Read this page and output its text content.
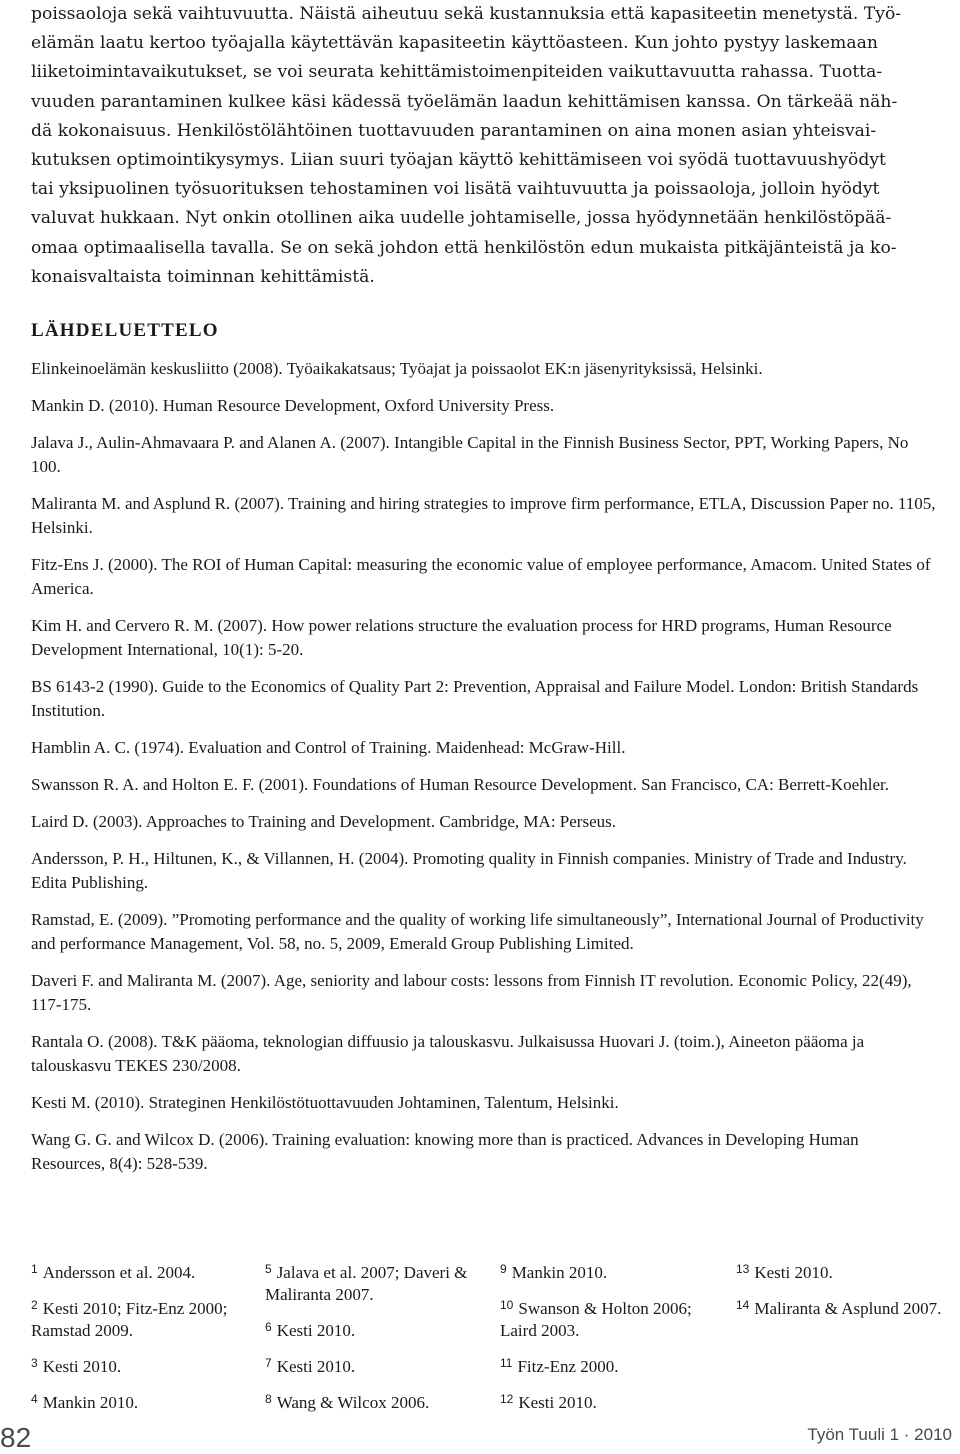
poissaoloja sekä vaihtuvuutta. Näistä aiheutuu sekä kustannuksia että kapasiteetin menetystä. Työ-
elämän laatu kertoo työajalla käytettävän kapasiteetin käyttöasteen. Kun johto pystyy laskemaan
liiketoimintavaikutukset, se voi seurata kehittämistoimenpiteiden vaikuttavuutta rahassa. Tuotta-
vuuden parantaminen kulkee käsi kädessä työelämän laadun kehittämisen kanssa. On tärkeää näh-
dä kokonaisuus. Henkilöstölähtöinen tuottavuuden parantaminen on aina monen asian yhteisvai-
kutuksen optimointikysymys. Liian suuri työajan käyttö kehittämiseen voi syödä tuottavuushyödyt
tai yksipuolinen työsuorituksen tehostaminen voi lisätä vaihtuvuutta ja poissaoloja, jolloin hyödyt
valuvat hukkaan. Nyt onkin otollinen aika uudelle johtamiselle, jossa hyödynnetään henkilöstöpää-
omaa optimaalisella tavalla. Se on sekä johdon että henkilöstön edun mukaista pitkäjänteistä ja ko-
konaisvaltaista toiminnan kehittämistä.

LÄHDELUETTELO
Elinkeinoelämän keskusliitto (2008). Työaikakatsaus; Työajat ja poissaolot EK:n jäsenyrityksissä, Helsinki.
Mankin D. (2010). Human Resource Development, Oxford University Press.
Jalava J., Aulin-Ahmavaara P. and Alanen A. (2007). Intangible Capital in the Finnish Business Sector, PPT, Working Papers, No 100.
Maliranta M. and Asplund R. (2007). Training and hiring strategies to improve firm performance, ETLA, Discussion Paper no. 1105, Helsinki.
Fitz-Ens J. (2000). The ROI of Human Capital: measuring the economic value of employee performance, Amacom. United States of America.
Kim H. and Cervero R. M. (2007). How power relations structure the evaluation process for HRD programs, Human Resource Development International, 10(1): 5-20.
BS 6143-2 (1990). Guide to the Economics of Quality Part 2: Prevention, Appraisal and Failure Model. London: British Standards Institution.
Hamblin A. C. (1974). Evaluation and Control of Training. Maidenhead: McGraw-Hill.
Swansson R. A. and Holton E. F. (2001). Foundations of Human Resource Development. San Francisco, CA: Berrett-Koehler.
Laird D. (2003). Approaches to Training and Development. Cambridge, MA: Perseus.
Andersson, P. H., Hiltunen, K., & Villannen, H. (2004). Promoting quality in Finnish companies. Ministry of Trade and Industry. Edita Publishing.
Ramstad, E. (2009). ”Promoting performance and the quality of working life simultaneously”, International Journal of Productivity and performance Management, Vol. 58, no. 5, 2009, Emerald Group Publishing Limited.
Daveri F. and Maliranta M. (2007). Age, seniority and labour costs: lessons from Finnish IT revolution. Economic Policy, 22(49), 117-175.
Rantala O. (2008). T&K pääoma, teknologian diffuusio ja talouskasvu. Julkaisussa Huovari J. (toim.), Aineeton pääoma ja talouskasvu TEKES 230/2008.
Kesti M. (2010). Strateginen Henkilöstötuottavuuden Johtaminen, Talentum, Helsinki.
Wang G. G. and Wilcox D. (2006). Training evaluation: knowing more than is practiced. Advances in Developing Human Resources, 8(4): 528-539.
1 Andersson et al. 2004.
2 Kesti 2010; Fitz-Enz 2000; Ramstad 2009.
3 Kesti 2010.
4 Mankin 2010.
5 Jalava et al. 2007; Daveri & Maliranta 2007.
6 Kesti 2010.
7 Kesti 2010.
8 Wang & Wilcox 2006.
9 Mankin 2010.
10 Swanson & Holton 2006; Laird 2003.
11 Fitz-Enz 2000.
12 Kesti 2010.
13 Kesti 2010.
14 Maliranta & Asplund 2007.
82	Työn Tuuli 1 · 2010
